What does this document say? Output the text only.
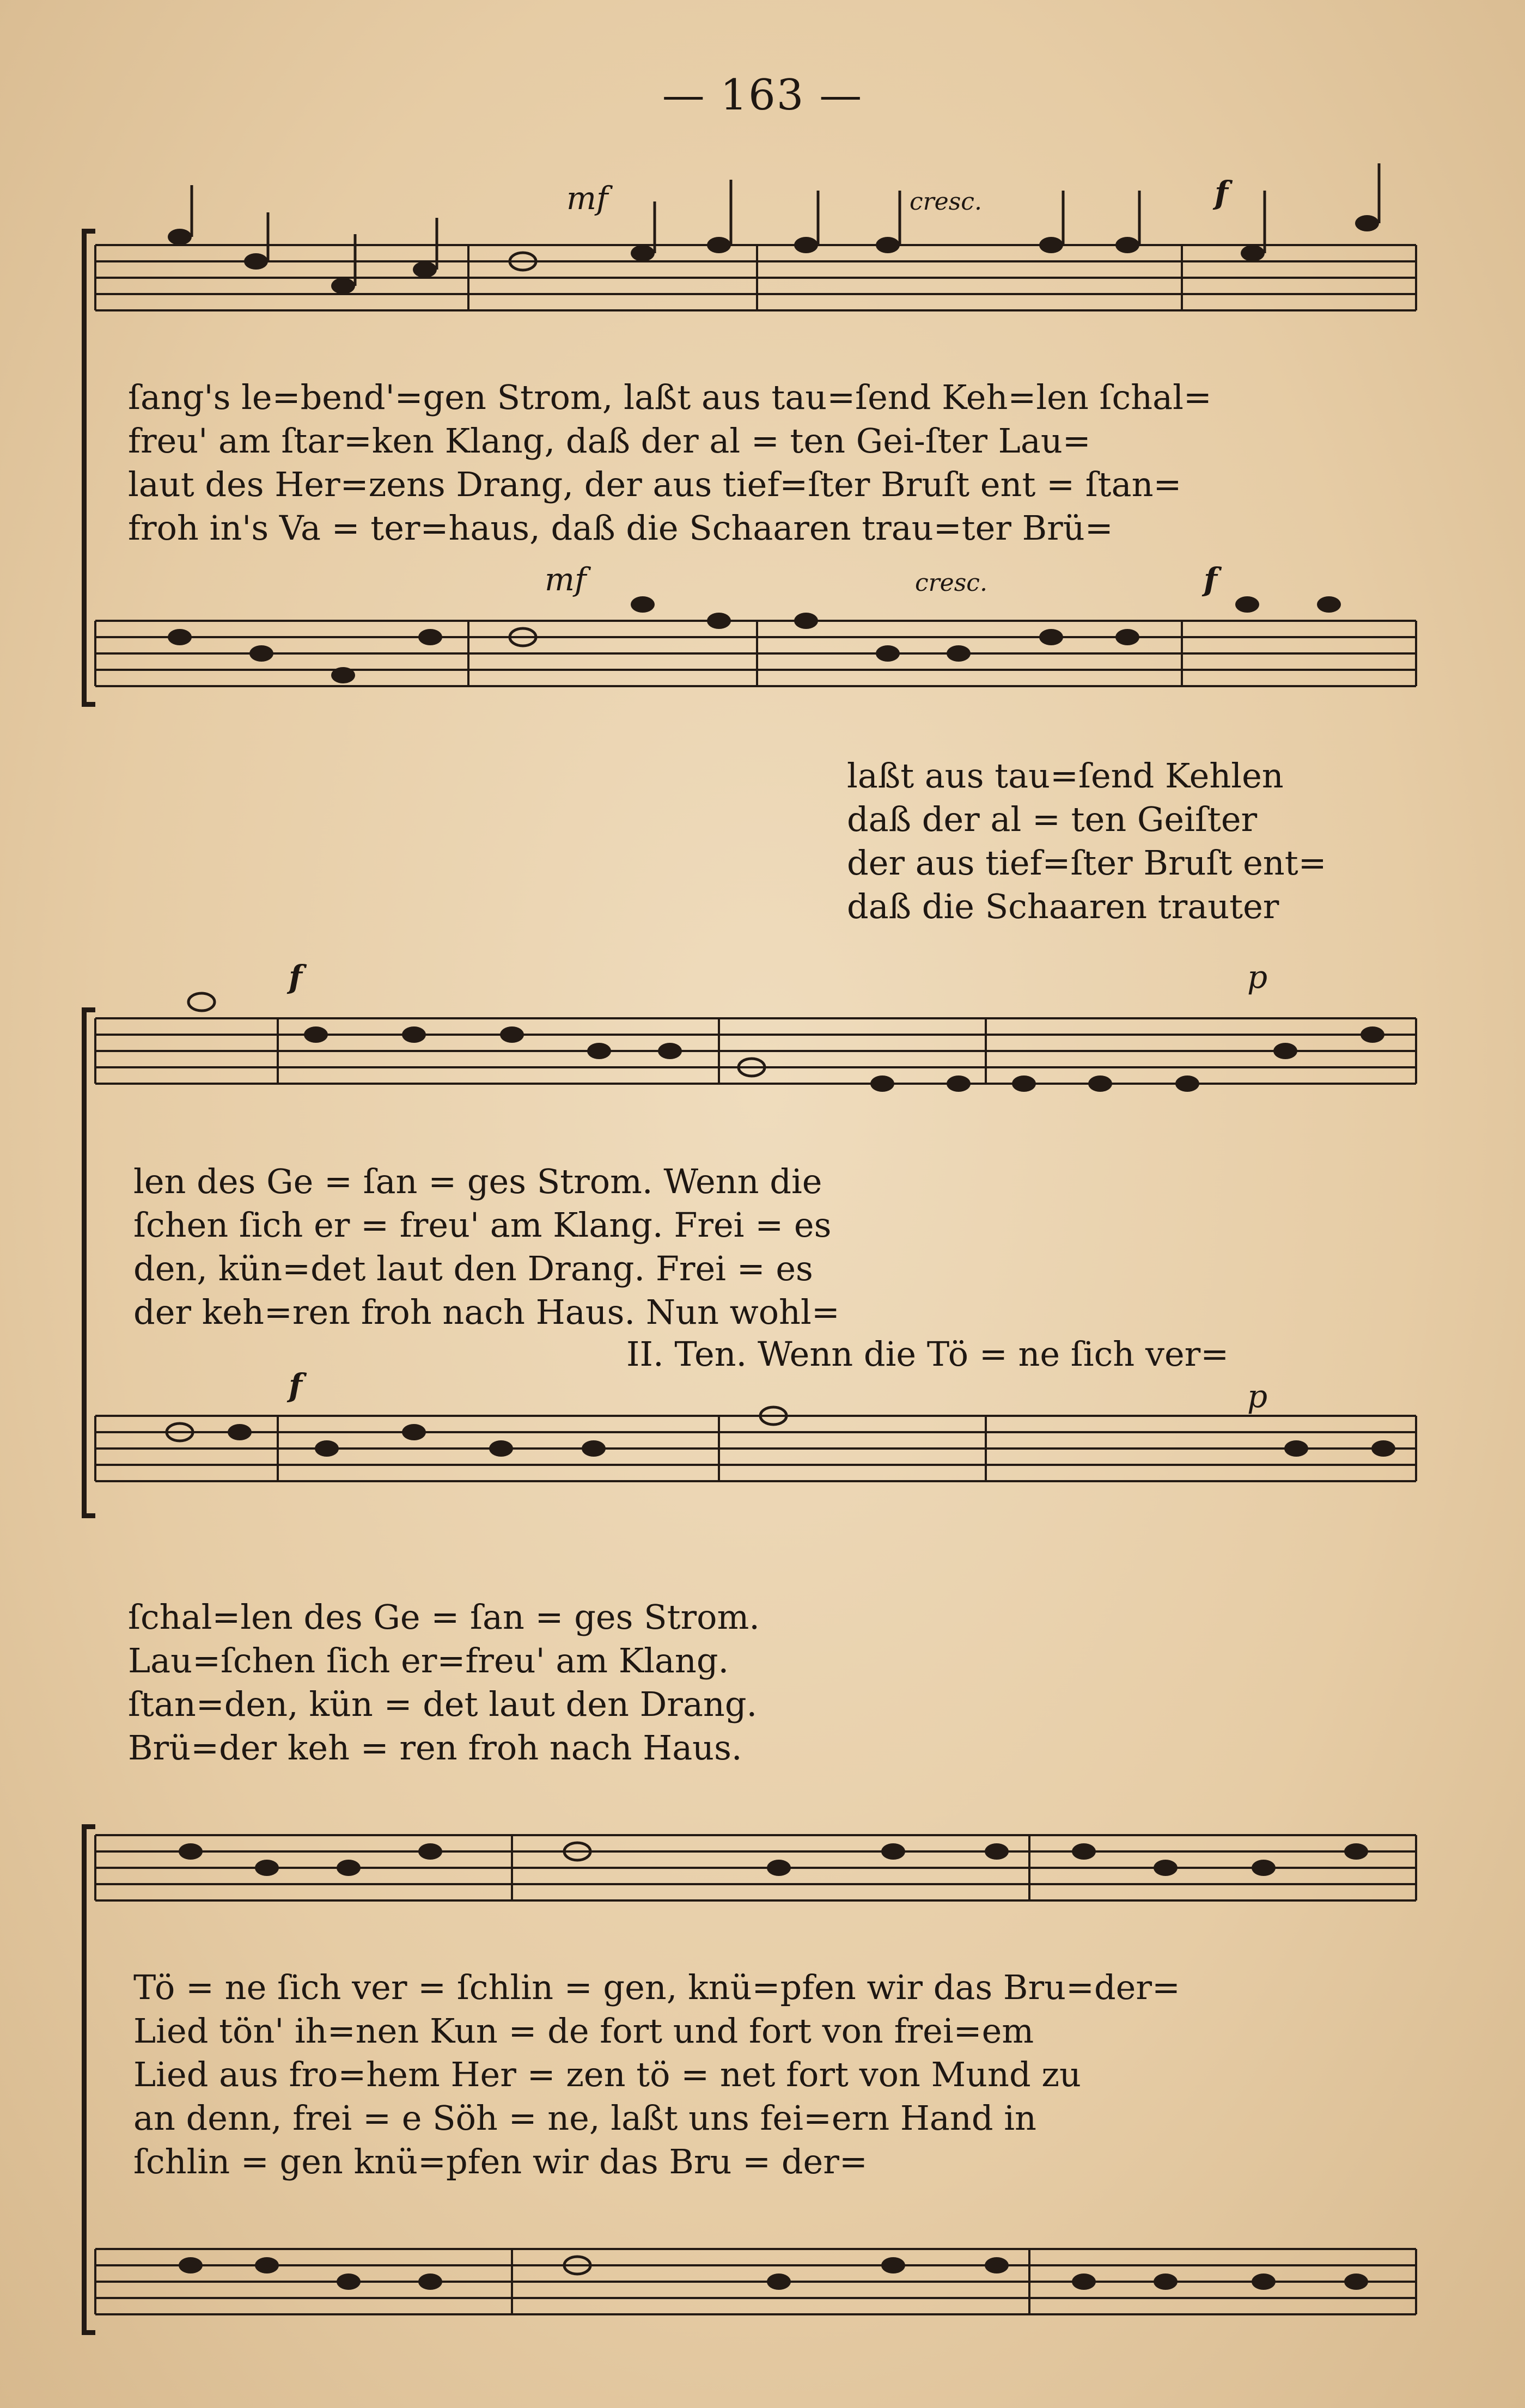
— 163 —
mf	cresc.	f
mf	cresc.	f
f	p
f	p
ſang's le=bend'=gen Strom, laßt aus tau=ſend Keh=len ſchal=
freu' am ſtar=ken Klang, daß der al = ten Gei-ſter Lau=
laut des Her=zens Drang, der aus tief=ſter Bruſt ent = ſtan=
froh in's Va = ter=haus, daß die Schaaren trau=ter Brü=
laßt aus tau=ſend Kehlen
daß der al = ten Geiſter
der aus tief=ſter Bruſt ent=
daß die Schaaren trauter
len des Ge = ſan = ges Strom. Wenn die
ſchen ſich er = freu' am Klang. Frei = es
den, kün=det laut den Drang. Frei = es
der keh=ren froh nach Haus. Nun wohl=
II. Ten. Wenn die Tö = ne ſich ver=
ſchal=len des Ge = ſan = ges Strom.
Lau=ſchen ſich er=freu' am Klang.
ſtan=den, kün = det laut den Drang.
Brü=der keh = ren froh nach Haus.
Tö = ne ſich ver = ſchlin = gen, knü=pfen wir das Bru=der=
Lied tön' ih=nen Kun = de fort und fort von frei=em
Lied aus fro=hem Her = zen tö = net fort von Mund zu
an denn, frei = e Söh = ne, laßt uns fei=ern Hand in
ſchlin = gen knü=pfen wir das Bru = der=
